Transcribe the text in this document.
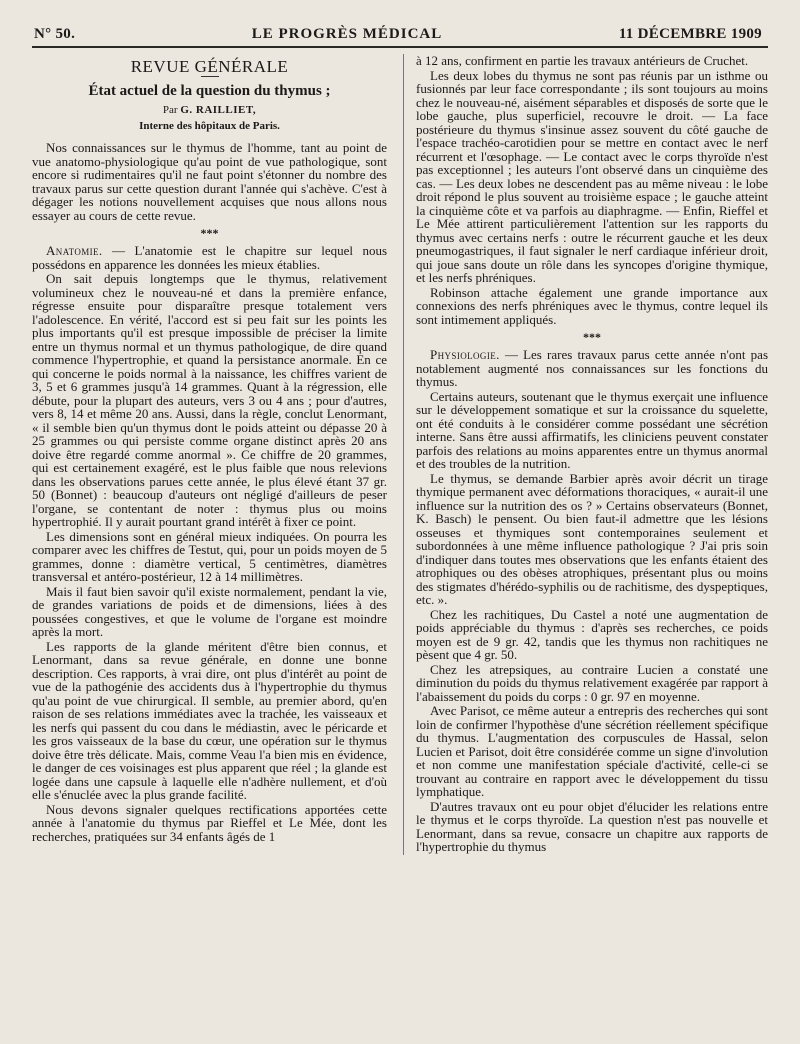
N° 50.	LE PROGRÈS MÉDICAL	11 DÉCEMBRE 1909
REVUE GÉNÉRALE
État actuel de la question du thymus ;

Par G. RAILLIET,

Interne des hôpitaux de Paris.

Nos connaissances sur le thymus de l'homme, tant au point de vue anatomo-physiologique qu'au point de vue pathologique, sont encore si rudimentaires qu'il ne faut point s'étonner du nombre des travaux parus sur cette question durant l'année qui s'achève. C'est à dégager les notions nouvellement acquises que nous allons nous essayer au cours de cette revue.

***

Anatomie. — L'anatomie est le chapitre sur lequel nous possédons en apparence les données les mieux établies.

On sait depuis longtemps que le thymus, relativement volumineux chez le nouveau-né et dans la première enfance, régresse ensuite pour disparaître presque totalement vers l'adolescence. En vérité, l'accord est si peu fait sur les points les plus importants qu'il est presque impossible de préciser la limite entre un thymus normal et un thymus pathologique, de dire quand commence l'hypertrophie, et quand la persistance anormale. En ce qui concerne le poids normal à la naissance, les chiffres varient de 3, 5 et 6 grammes jusqu'à 14 grammes. Quant à la régression, elle débute, pour la plupart des auteurs, vers 3 ou 4 ans ; pour d'autres, vers 8, 14 et même 20 ans. Aussi, dans la règle, conclut Lenormant, « il semble bien qu'un thymus dont le poids atteint ou dépasse 20 à 25 grammes ou qui persiste comme organe distinct après 20 ans doive être regardé comme anormal ». Ce chiffre de 20 grammes, qui est certainement exagéré, est le plus faible que nous relevions dans les observations parues cette année, le plus élevé étant 37 gr. 50 (Bonnet) : beaucoup d'auteurs ont négligé d'ailleurs de peser l'organe, se contentant de noter : thymus plus ou moins hypertrophié. Il y aurait pourtant grand intérêt à fixer ce point.

Les dimensions sont en général mieux indiquées. On pourra les comparer avec les chiffres de Testut, qui, pour un poids moyen de 5 grammes, donne : diamètre vertical, 5 centimètres, diamètres transversal et antéro-postérieur, 12 à 14 millimètres.

Mais il faut bien savoir qu'il existe normalement, pendant la vie, de grandes variations de poids et de dimensions, liées à des poussées congestives, et que le volume de l'organe est moindre après la mort.

Les rapports de la glande méritent d'être bien connus, et Lenormant, dans sa revue générale, en donne une bonne description. Ces rapports, à vrai dire, ont plus d'intérêt au point de vue de la pathogénie des accidents dus à l'hypertrophie du thymus qu'au point de vue chirurgical. Il semble, au premier abord, qu'en raison de ses relations immédiates avec la trachée, les vaisseaux et les nerfs qui passent du cou dans le médiastin, avec le péricarde et les gros vaisseaux de la base du cœur, une opération sur le thymus doive être très délicate. Mais, comme Veau l'a bien mis en évidence, le danger de ces voisinages est plus apparent que réel ; la glande est logée dans une capsule à laquelle elle n'adhère nullement, et d'où elle s'énuclée avec la plus grande facilité.

Nous devons signaler quelques rectifications apportées cette année à l'anatomie du thymus par Rieffel et Le Mée, dont les recherches, pratiquées sur 34 enfants âgés de 1

à 12 ans, confirment en partie les travaux antérieurs de Cruchet.

Les deux lobes du thymus ne sont pas réunis par un isthme ou fusionnés par leur face correspondante ; ils sont toujours au moins chez le nouveau-né, aisément séparables et disposés de sorte que le lobe gauche, plus superficiel, recouvre le droit. — La face postérieure du thymus s'insinue assez souvent du côté gauche de l'espace trachéo-carotidien pour se mettre en contact avec le nerf récurrent et l'œsophage. — Le contact avec le corps thyroïde n'est pas exceptionnel ; les auteurs l'ont observé dans un cinquième des cas. — Les deux lobes ne descendent pas au même niveau : le lobe droit répond le plus souvent au troisième espace ; le gauche atteint la cinquième côte et va parfois au diaphragme. — Enfin, Rieffel et Le Mée attirent particulièrement l'attention sur les rapports du thymus avec certains nerfs : outre le récurrent gauche et les deux pneumogastriques, il faut signaler le nerf cardiaque inférieur droit, qui joue sans doute un rôle dans les syncopes d'origine thymique, et les nerfs phréniques.

Robinson attache également une grande importance aux connexions des nerfs phréniques avec le thymus, contre lequel ils sont intimement appliqués.

***

Physiologie. — Les rares travaux parus cette année n'ont pas notablement augmenté nos connaissances sur les fonctions du thymus.

Certains auteurs, soutenant que le thymus exerçait une influence sur le développement somatique et sur la croissance du squelette, ont été conduits à le considérer comme possédant une sécrétion interne. Sans être aussi affirmatifs, les cliniciens peuvent constater parfois des relations au moins apparentes entre un thymus anormal et des troubles de la nutrition.

Le thymus, se demande Barbier après avoir décrit un tirage thymique permanent avec déformations thoraciques, « aurait-il une influence sur la nutrition des os ? » Certains observateurs (Bonnet, K. Basch) le pensent. Ou bien faut-il admettre que les lésions osseuses et thymiques sont contemporaines seulement et subordonnées à une même influence pathologique ? J'ai pris soin d'indiquer dans toutes mes observations que les enfants étaient des atrophiques ou des obèses atrophiques, présentant plus ou moins des stigmates d'hérédo-syphilis ou de rachitisme, des dyspeptiques, etc. ».

Chez les rachitiques, Du Castel a noté une augmentation de poids appréciable du thymus : d'après ses recherches, ce poids moyen est de 9 gr. 42, tandis que les thymus non rachitiques ne pèsent que 4 gr. 50.

Chez les atrepsiques, au contraire Lucien a constaté une diminution du poids du thymus relativement exagérée par rapport à l'abaissement du poids du corps : 0 gr. 97 en moyenne.

Avec Parisot, ce même auteur a entrepris des recherches qui sont loin de confirmer l'hypothèse d'une sécrétion réellement spécifique du thymus. L'augmentation des corpuscules de Hassal, selon Lucien et Parisot, doit être considérée comme un signe d'involution et non comme une manifestation spéciale d'activité, celle-ci se trouvant au contraire en rapport avec le développement du tissu lymphatique.

D'autres travaux ont eu pour objet d'élucider les relations entre le thymus et le corps thyroïde. La question n'est pas nouvelle et Lenormant, dans sa revue, consacre un chapitre aux rapports de l'hypertrophie du thymus
